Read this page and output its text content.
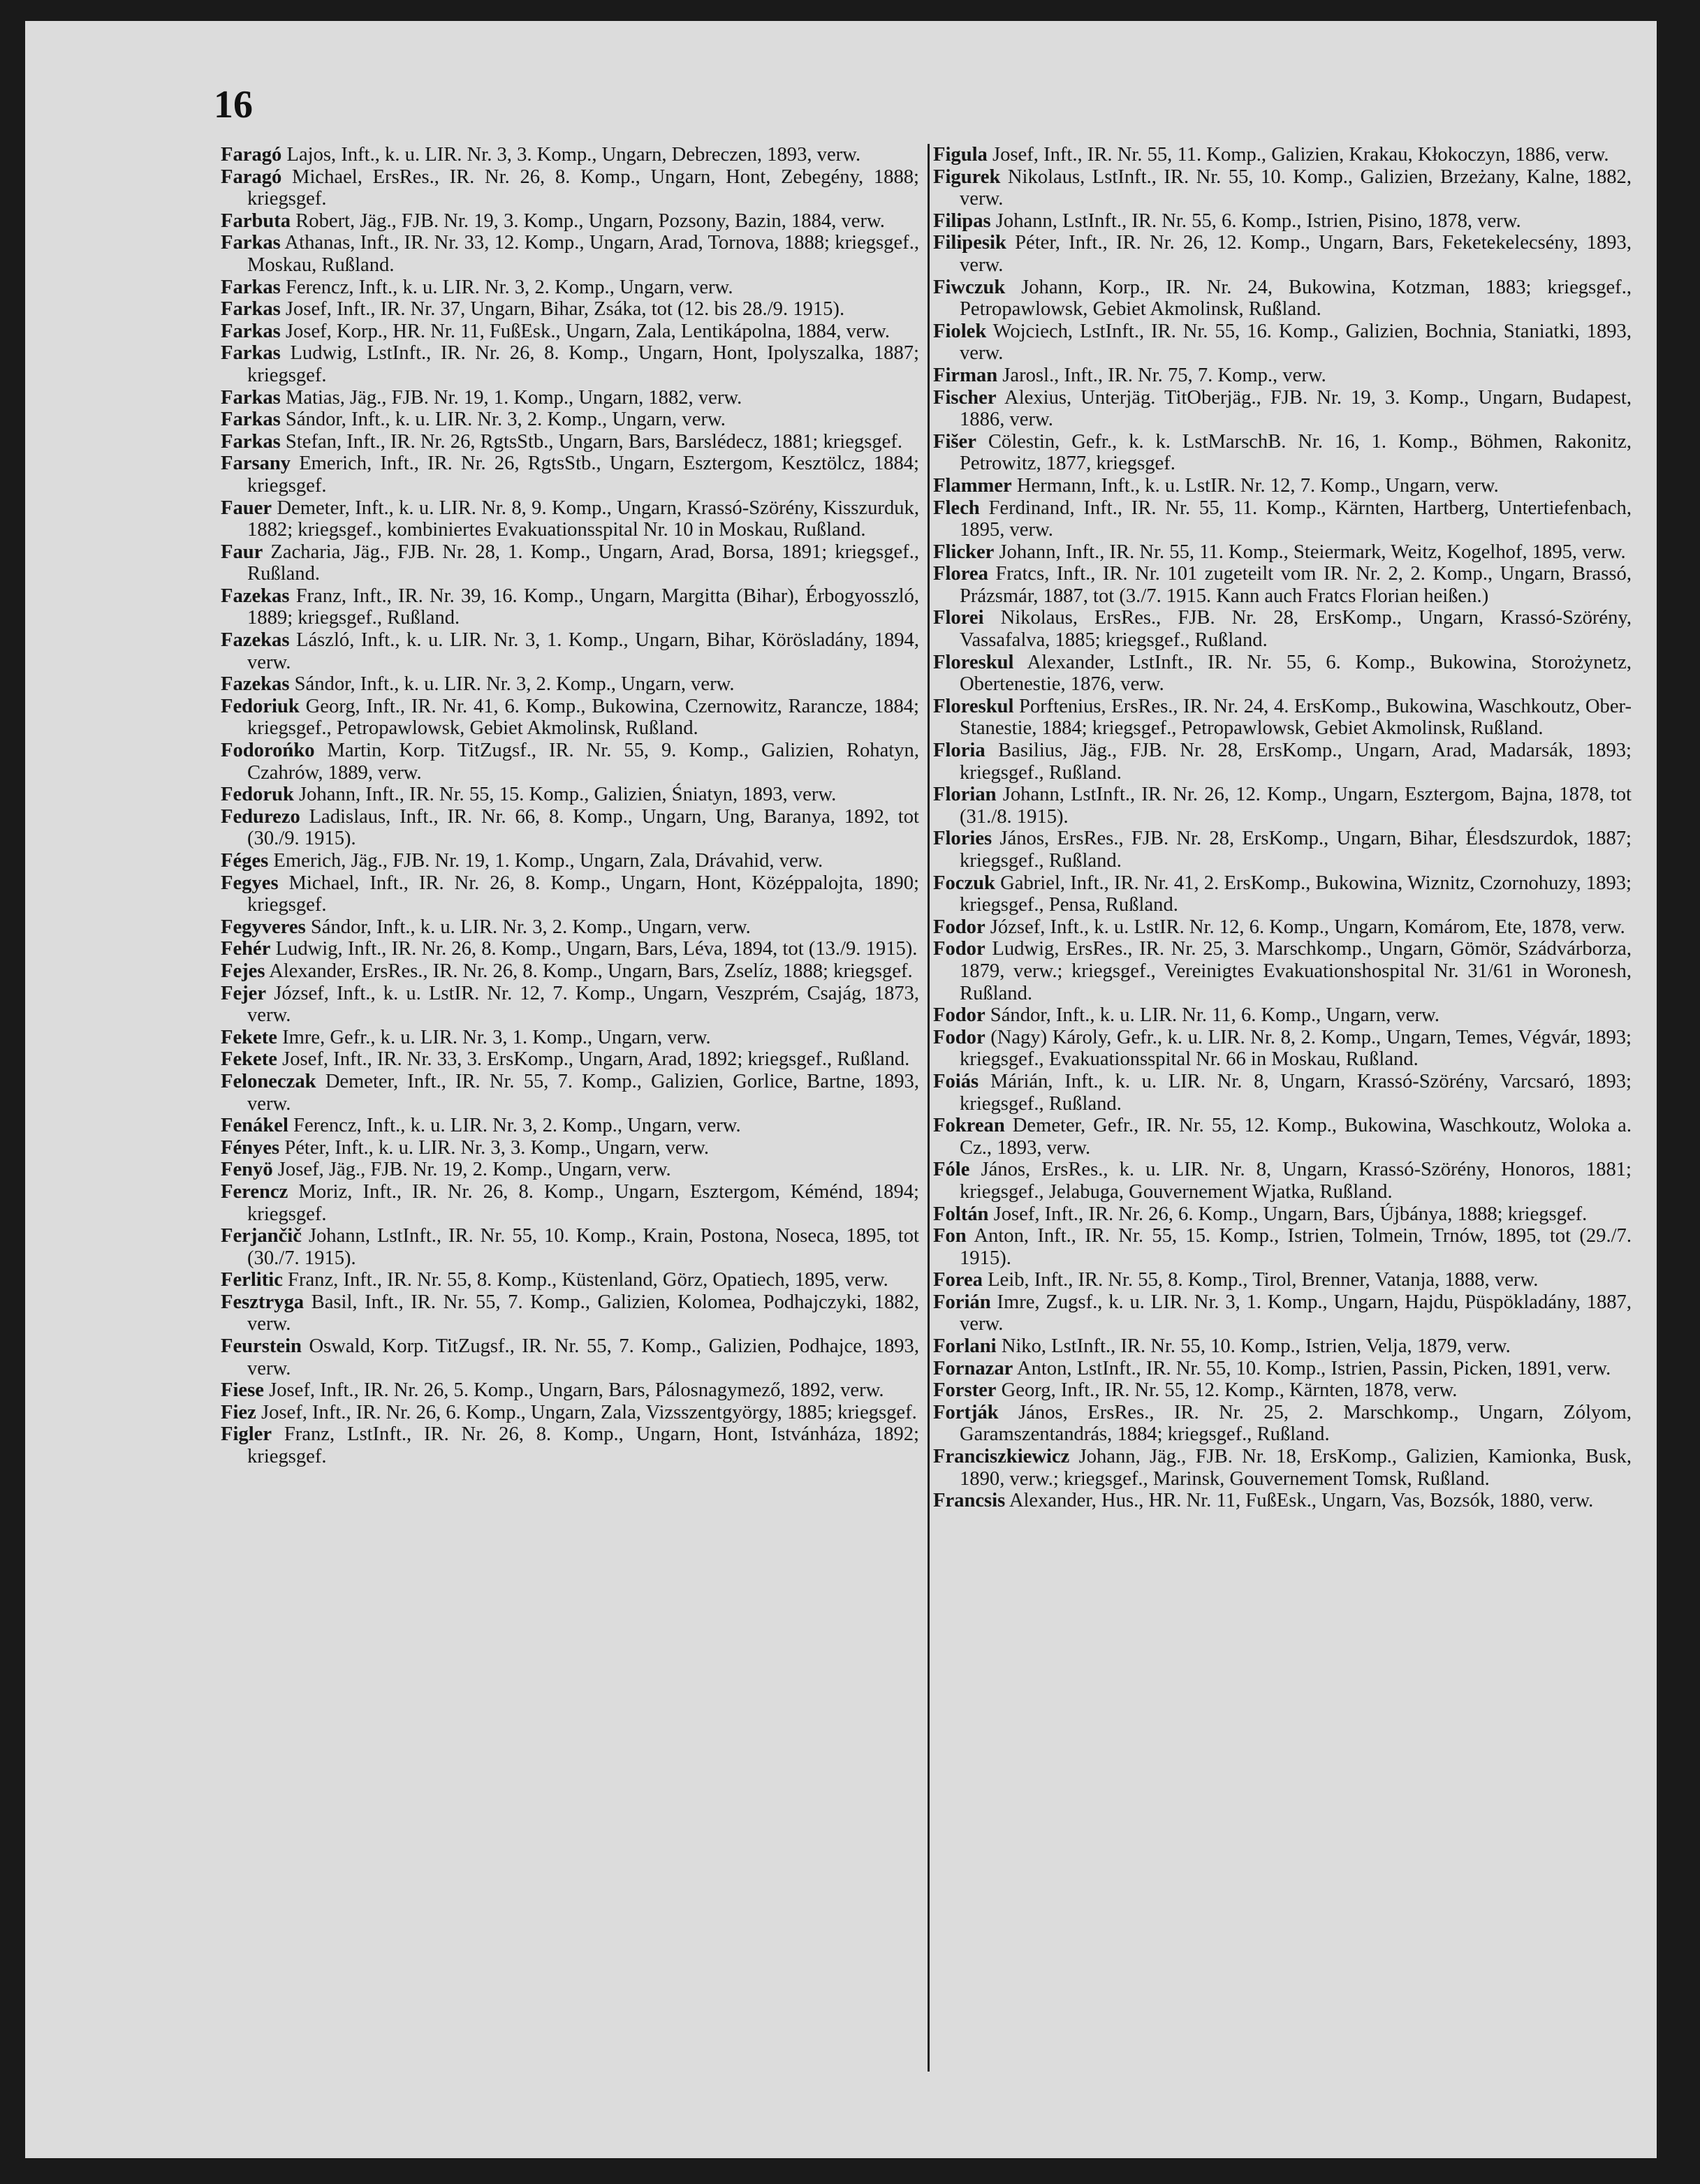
16

Faragó Lajos, Inft., k. u. LIR. Nr. 3, 3. Komp., Ungarn, Debreczen, 1893, verw.

Faragó Michael, ErsRes., IR. Nr. 26, 8. Komp., Ungarn, Hont, Zebegény, 1888; kriegsgef.

Farbuta Robert, Jäg., FJB. Nr. 19, 3. Komp., Ungarn, Pozsony, Bazin, 1884, verw.

Farkas Athanas, Inft., IR. Nr. 33, 12. Komp., Ungarn, Arad, Tornova, 1888; kriegsgef., Moskau, Rußland.

Farkas Ferencz, Inft., k. u. LIR. Nr. 3, 2. Komp., Ungarn, verw.

Farkas Josef, Inft., IR. Nr. 37, Ungarn, Bihar, Zsáka, tot (12. bis 28./9. 1915).

Farkas Josef, Korp., HR. Nr. 11, FußEsk., Ungarn, Zala, Lentikápolna, 1884, verw.

Farkas Ludwig, LstInft., IR. Nr. 26, 8. Komp., Ungarn, Hont, Ipolyszalka, 1887; kriegsgef.

Farkas Matias, Jäg., FJB. Nr. 19, 1. Komp., Ungarn, 1882, verw.

Farkas Sándor, Inft., k. u. LIR. Nr. 3, 2. Komp., Ungarn, verw.

Farkas Stefan, Inft., IR. Nr. 26, RgtsStb., Ungarn, Bars, Barslédecz, 1881; kriegsgef.

Farsany Emerich, Inft., IR. Nr. 26, RgtsStb., Ungarn, Esztergom, Kesztölcz, 1884; kriegsgef.

Fauer Demeter, Inft., k. u. LIR. Nr. 8, 9. Komp., Ungarn, Krassó-Szörény, Kisszurduk, 1882; kriegsgef., kombiniertes Evakuationsspital Nr. 10 in Moskau, Rußland.

Faur Zacharia, Jäg., FJB. Nr. 28, 1. Komp., Ungarn, Arad, Borsa, 1891; kriegsgef., Rußland.

Fazekas Franz, Inft., IR. Nr. 39, 16. Komp., Ungarn, Margitta (Bihar), Érbogyosszló, 1889; kriegsgef., Rußland.

Fazekas László, Inft., k. u. LIR. Nr. 3, 1. Komp., Ungarn, Bihar, Körösladány, 1894, verw.

Fazekas Sándor, Inft., k. u. LIR. Nr. 3, 2. Komp., Ungarn, verw.

Fedoriuk Georg, Inft., IR. Nr. 41, 6. Komp., Bukowina, Czernowitz, Rarancze, 1884; kriegsgef., Petropawlowsk, Gebiet Akmolinsk, Rußland.

Fodorońko Martin, Korp. TitZugsf., IR. Nr. 55, 9. Komp., Galizien, Rohatyn, Czahrów, 1889, verw.

Fedoruk Johann, Inft., IR. Nr. 55, 15. Komp., Galizien, Śniatyn, 1893, verw.

Fedurezo Ladislaus, Inft., IR. Nr. 66, 8. Komp., Ungarn, Ung, Baranya, 1892, tot (30./9. 1915).

Féges Emerich, Jäg., FJB. Nr. 19, 1. Komp., Ungarn, Zala, Drávahid, verw.

Fegyes Michael, Inft., IR. Nr. 26, 8. Komp., Ungarn, Hont, Középpalojta, 1890; kriegsgef.

Fegyveres Sándor, Inft., k. u. LIR. Nr. 3, 2. Komp., Ungarn, verw.

Fehér Ludwig, Inft., IR. Nr. 26, 8. Komp., Ungarn, Bars, Léva, 1894, tot (13./9. 1915).

Fejes Alexander, ErsRes., IR. Nr. 26, 8. Komp., Ungarn, Bars, Zselíz, 1888; kriegsgef.

Fejer József, Inft., k. u. LstIR. Nr. 12, 7. Komp., Ungarn, Veszprém, Csajág, 1873, verw.

Fekete Imre, Gefr., k. u. LIR. Nr. 3, 1. Komp., Ungarn, verw.

Fekete Josef, Inft., IR. Nr. 33, 3. ErsKomp., Ungarn, Arad, 1892; kriegsgef., Rußland.

Feloneczak Demeter, Inft., IR. Nr. 55, 7. Komp., Galizien, Gorlice, Bartne, 1893, verw.

Fenákel Ferencz, Inft., k. u. LIR. Nr. 3, 2. Komp., Ungarn, verw.

Fényes Péter, Inft., k. u. LIR. Nr. 3, 3. Komp., Ungarn, verw.

Fenyö Josef, Jäg., FJB. Nr. 19, 2. Komp., Ungarn, verw.

Ferencz Moriz, Inft., IR. Nr. 26, 8. Komp., Ungarn, Esztergom, Kéménd, 1894; kriegsgef.

Ferjančič Johann, LstInft., IR. Nr. 55, 10. Komp., Krain, Postona, Noseca, 1895, tot (30./7. 1915).

Ferlitic Franz, Inft., IR. Nr. 55, 8. Komp., Küstenland, Görz, Opatiech, 1895, verw.

Fesztryga Basil, Inft., IR. Nr. 55, 7. Komp., Galizien, Kolomea, Podhajczyki, 1882, verw.

Feurstein Oswald, Korp. TitZugsf., IR. Nr. 55, 7. Komp., Galizien, Podhajce, 1893, verw.

Fiese Josef, Inft., IR. Nr. 26, 5. Komp., Ungarn, Bars, Pálosnagymező, 1892, verw.

Fiez Josef, Inft., IR. Nr. 26, 6. Komp., Ungarn, Zala, Vizsszentgyörgy, 1885; kriegsgef.

Figler Franz, LstInft., IR. Nr. 26, 8. Komp., Ungarn, Hont, Istvánháza, 1892; kriegsgef.

Figula Josef, Inft., IR. Nr. 55, 11. Komp., Galizien, Krakau, Kłokoczyn, 1886, verw.

Figurek Nikolaus, LstInft., IR. Nr. 55, 10. Komp., Galizien, Brzeżany, Kalne, 1882, verw.

Filipas Johann, LstInft., IR. Nr. 55, 6. Komp., Istrien, Pisino, 1878, verw.

Filipesik Péter, Inft., IR. Nr. 26, 12. Komp., Ungarn, Bars, Feketekelecsény, 1893, verw.

Fiwczuk Johann, Korp., IR. Nr. 24, Bukowina, Kotzman, 1883; kriegsgef., Petropawlowsk, Gebiet Akmolinsk, Rußland.

Fiolek Wojciech, LstInft., IR. Nr. 55, 16. Komp., Galizien, Bochnia, Staniatki, 1893, verw.

Firman Jarosl., Inft., IR. Nr. 75, 7. Komp., verw.

Fischer Alexius, Unterjäg. TitOberjäg., FJB. Nr. 19, 3. Komp., Ungarn, Budapest, 1886, verw.

Fišer Cölestin, Gefr., k. k. LstMarschB. Nr. 16, 1. Komp., Böhmen, Rakonitz, Petrowitz, 1877, kriegsgef.

Flammer Hermann, Inft., k. u. LstIR. Nr. 12, 7. Komp., Ungarn, verw.

Flech Ferdinand, Inft., IR. Nr. 55, 11. Komp., Kärnten, Hartberg, Untertiefenbach, 1895, verw.

Flicker Johann, Inft., IR. Nr. 55, 11. Komp., Steiermark, Weitz, Kogelhof, 1895, verw.

Florea Fratcs, Inft., IR. Nr. 101 zugeteilt vom IR. Nr. 2, 2. Komp., Ungarn, Brassó, Prázsmár, 1887, tot (3./7. 1915. Kann auch Fratcs Florian heißen.)

Florei Nikolaus, ErsRes., FJB. Nr. 28, ErsKomp., Ungarn, Krassó-Szörény, Vassafalva, 1885; kriegsgef., Rußland.

Floreskul Alexander, LstInft., IR. Nr. 55, 6. Komp., Bukowina, Storożynetz, Obertenestie, 1876, verw.

Floreskul Porftenius, ErsRes., IR. Nr. 24, 4. ErsKomp., Bukowina, Waschkoutz, Ober-Stanestie, 1884; kriegsgef., Petropawlowsk, Gebiet Akmolinsk, Rußland.

Floria Basilius, Jäg., FJB. Nr. 28, ErsKomp., Ungarn, Arad, Madarsák, 1893; kriegsgef., Rußland.

Florian Johann, LstInft., IR. Nr. 26, 12. Komp., Ungarn, Esztergom, Bajna, 1878, tot (31./8. 1915).

Flories János, ErsRes., FJB. Nr. 28, ErsKomp., Ungarn, Bihar, Élesdszurdok, 1887; kriegsgef., Rußland.

Foczuk Gabriel, Inft., IR. Nr. 41, 2. ErsKomp., Bukowina, Wiznitz, Czornohuzy, 1893; kriegsgef., Pensa, Rußland.

Fodor József, Inft., k. u. LstIR. Nr. 12, 6. Komp., Ungarn, Komárom, Ete, 1878, verw.

Fodor Ludwig, ErsRes., IR. Nr. 25, 3. Marschkomp., Ungarn, Gömör, Szádvárborza, 1879, verw.; kriegsgef., Vereinigtes Evakuationshospital Nr. 31/61 in Woronesh, Rußland.

Fodor Sándor, Inft., k. u. LIR. Nr. 11, 6. Komp., Ungarn, verw.

Fodor (Nagy) Károly, Gefr., k. u. LIR. Nr. 8, 2. Komp., Ungarn, Temes, Végvár, 1893; kriegsgef., Evakuationsspital Nr. 66 in Moskau, Rußland.

Foiás Márián, Inft., k. u. LIR. Nr. 8, Ungarn, Krassó-Szörény, Varcsaró, 1893; kriegsgef., Rußland.

Fokrean Demeter, Gefr., IR. Nr. 55, 12. Komp., Bukowina, Waschkoutz, Woloka a. Cz., 1893, verw.

Fóle János, ErsRes., k. u. LIR. Nr. 8, Ungarn, Krassó-Szörény, Honoros, 1881; kriegsgef., Jelabuga, Gouvernement Wjatka, Rußland.

Foltán Josef, Inft., IR. Nr. 26, 6. Komp., Ungarn, Bars, Újbánya, 1888; kriegsgef.

Fon Anton, Inft., IR. Nr. 55, 15. Komp., Istrien, Tolmein, Trnów, 1895, tot (29./7. 1915).

Forea Leib, Inft., IR. Nr. 55, 8. Komp., Tirol, Brenner, Vatanja, 1888, verw.

Forián Imre, Zugsf., k. u. LIR. Nr. 3, 1. Komp., Ungarn, Hajdu, Püspökladány, 1887, verw.

Forlani Niko, LstInft., IR. Nr. 55, 10. Komp., Istrien, Velja, 1879, verw.

Fornazar Anton, LstInft., IR. Nr. 55, 10. Komp., Istrien, Passin, Picken, 1891, verw.

Forster Georg, Inft., IR. Nr. 55, 12. Komp., Kärnten, 1878, verw.

Fortják János, ErsRes., IR. Nr. 25, 2. Marschkomp., Ungarn, Zólyom, Garamszentandrás, 1884; kriegsgef., Rußland.

Franciszkiewicz Johann, Jäg., FJB. Nr. 18, ErsKomp., Galizien, Kamionka, Busk, 1890, verw.; kriegsgef., Marinsk, Gouvernement Tomsk, Rußland.

Francsis Alexander, Hus., HR. Nr. 11, FußEsk., Ungarn, Vas, Bozsók, 1880, verw.
